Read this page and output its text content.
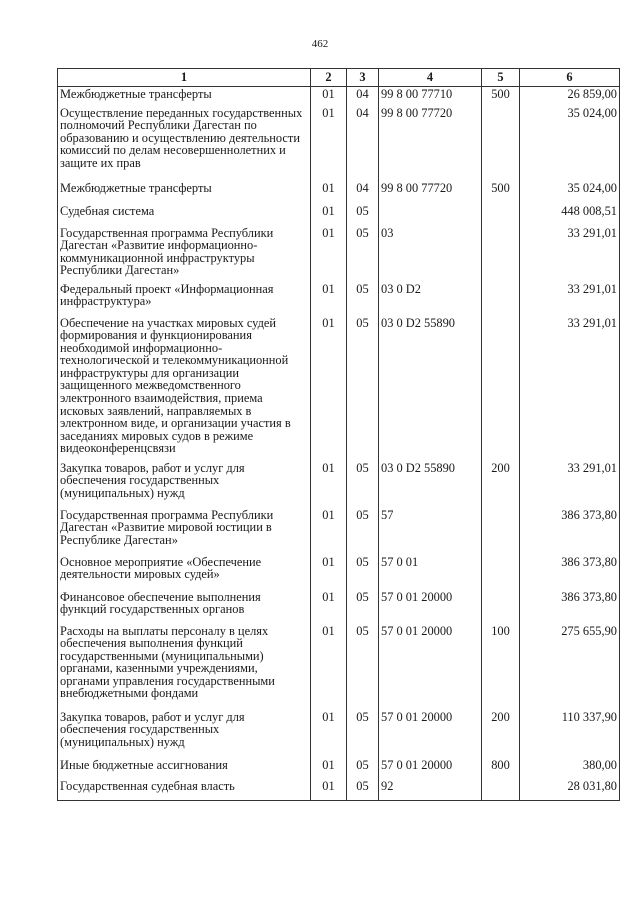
462
1	2	3	4	5	6
Межбюджетные трансферты	01	04	99 8 00 77710	500	26 859,00
Осуществление переданных государственных полномочий Республики Дагестан по образованию и осуществлению деятельности комиссий по делам несовершеннолетних и защите их прав	01	04	99 8 00 77720		35 024,00
Межбюджетные трансферты	01	04	99 8 00 77720	500	35 024,00
Судебная система	01	05			448 008,51
Государственная программа Республики Дагестан «Развитие информационно-коммуникационной инфраструктуры Республики Дагестан»	01	05	03		33 291,01
Федеральный проект «Информационная инфраструктура»	01	05	03 0 D2		33 291,01
Обеспечение на участках мировых судей формирования и функционирования необходимой информационно-технологической и телекоммуникационной инфраструктуры для организации защищенного межведомственного электронного взаимодействия, приема исковых заявлений, направляемых в электронном виде, и организации участия в заседаниях мировых судов в режиме видеоконференцсвязи	01	05	03 0 D2 55890		33 291,01
Закупка товаров, работ и услуг для обеспечения государственных (муниципальных) нужд	01	05	03 0 D2 55890	200	33 291,01
Государственная программа Республики Дагестан «Развитие мировой юстиции в Республике Дагестан»	01	05	57		386 373,80
Основное мероприятие «Обеспечение деятельности мировых судей»	01	05	57 0 01		386 373,80
Финансовое обеспечение выполнения функций государственных органов	01	05	57 0 01 20000		386 373,80
Расходы на выплаты персоналу в целях обеспечения выполнения функций государственными (муниципальными) органами, казенными учреждениями, органами управления государственными внебюджетными фондами	01	05	57 0 01 20000	100	275 655,90
Закупка товаров, работ и услуг для обеспечения государственных (муниципальных) нужд	01	05	57 0 01 20000	200	110 337,90
Иные бюджетные ассигнования	01	05	57 0 01 20000	800	380,00
Государственная судебная власть	01	05	92		28 031,80
